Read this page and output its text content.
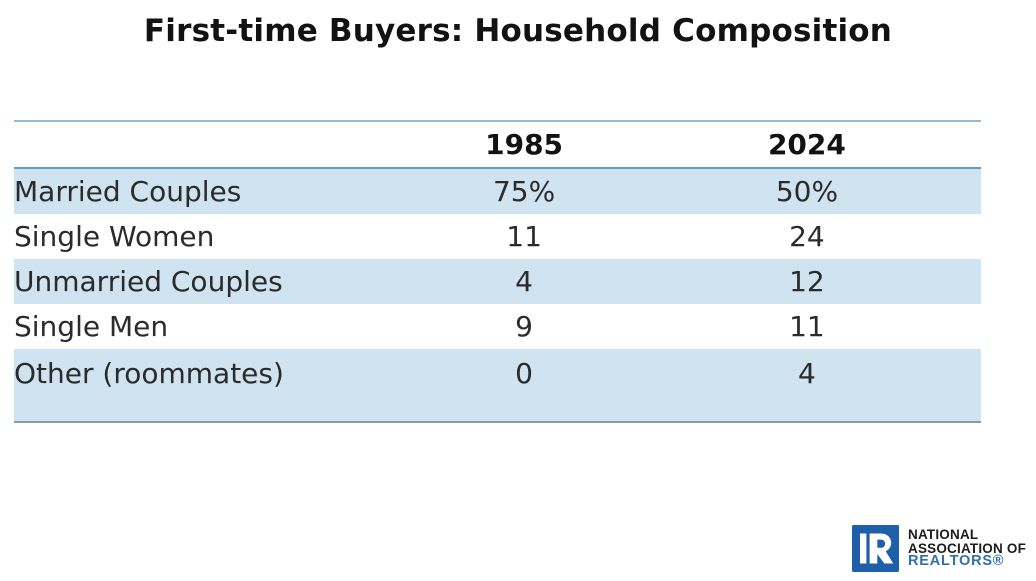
First-time Buyers: Household Composition
	1985	2024
Married Couples	75%	50%
Single Women	11	24
Unmarried Couples	4	12
Single Men	9	11
Other (roommates)	0	4
NATIONAL
ASSOCIATION OF
REALTORS®
